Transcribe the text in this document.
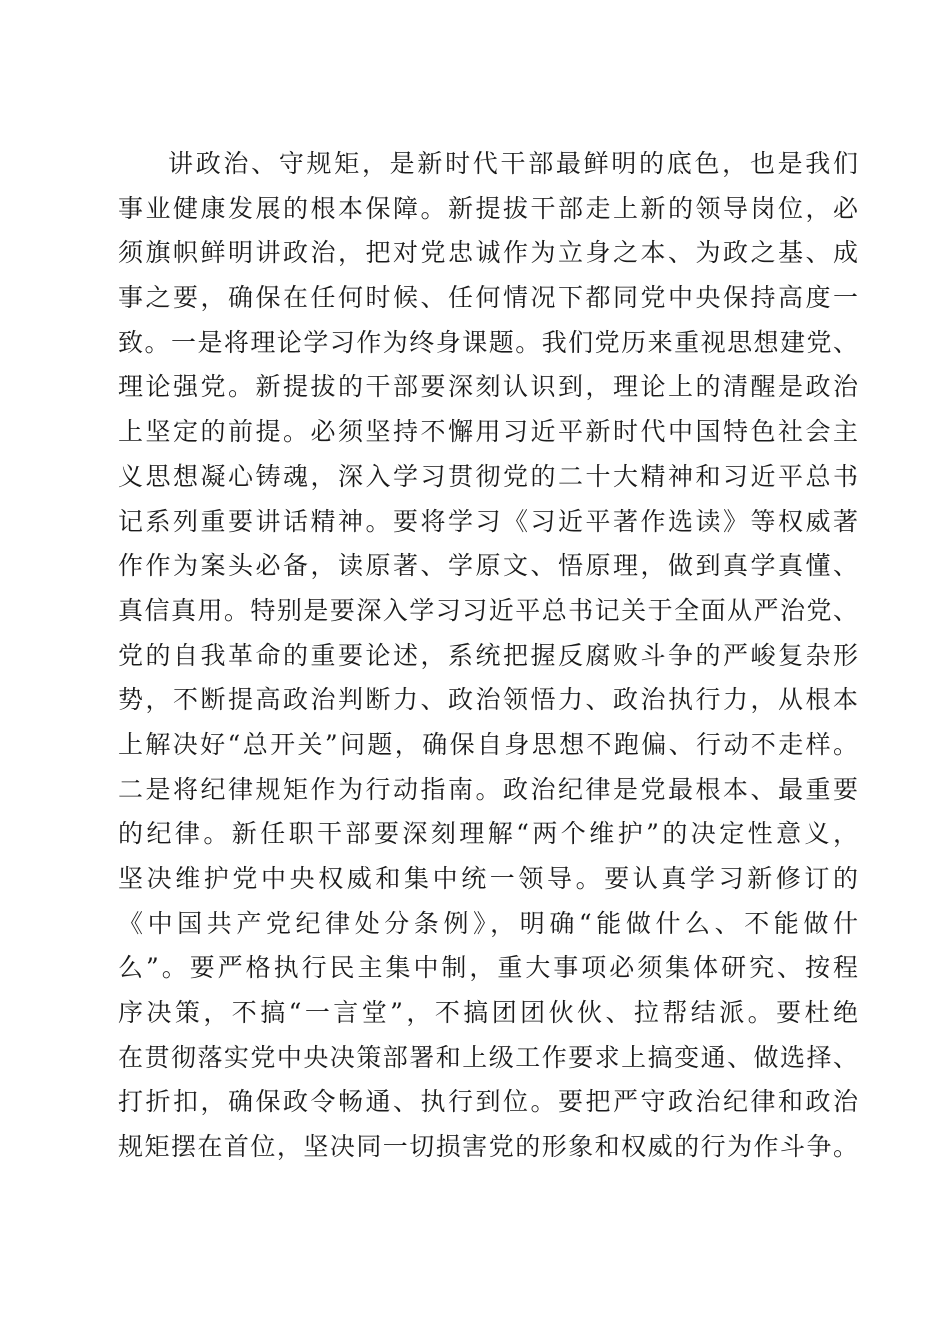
讲政治、守规矩，是新时代干部最鲜明的底色，也是我们
事业健康发展的根本保障。新提拔干部走上新的领导岗位，必
须旗帜鲜明讲政治，把对党忠诚作为立身之本、为政之基、成
事之要，确保在任何时候、任何情况下都同党中央保持高度一
致。一是将理论学习作为终身课题。我们党历来重视思想建党、
理论强党。新提拔的干部要深刻认识到，理论上的清醒是政治
上坚定的前提。必须坚持不懈用习近平新时代中国特色社会主
义思想凝心铸魂，深入学习贯彻党的二十大精神和习近平总书
记系列重要讲话精神。要将学习《习近平著作选读》等权威著
作作为案头必备，读原著、学原文、悟原理，做到真学真懂、
真信真用。特别是要深入学习习近平总书记关于全面从严治党、
党的自我革命的重要论述，系统把握反腐败斗争的严峻复杂形
势，不断提高政治判断力、政治领悟力、政治执行力，从根本
上解决好“总开关”问题，确保自身思想不跑偏、行动不走样。
二是将纪律规矩作为行动指南。政治纪律是党最根本、最重要
的纪律。新任职干部要深刻理解“两个维护”的决定性意义，
坚决维护党中央权威和集中统一领导。要认真学习新修订的
《中国共产党纪律处分条例》，明确“能做什么、不能做什
么”。要严格执行民主集中制，重大事项必须集体研究、按程
序决策，不搞“一言堂”，不搞团团伙伙、拉帮结派。要杜绝
在贯彻落实党中央决策部署和上级工作要求上搞变通、做选择、
打折扣，确保政令畅通、执行到位。要把严守政治纪律和政治
规矩摆在首位，坚决同一切损害党的形象和权威的行为作斗争。
